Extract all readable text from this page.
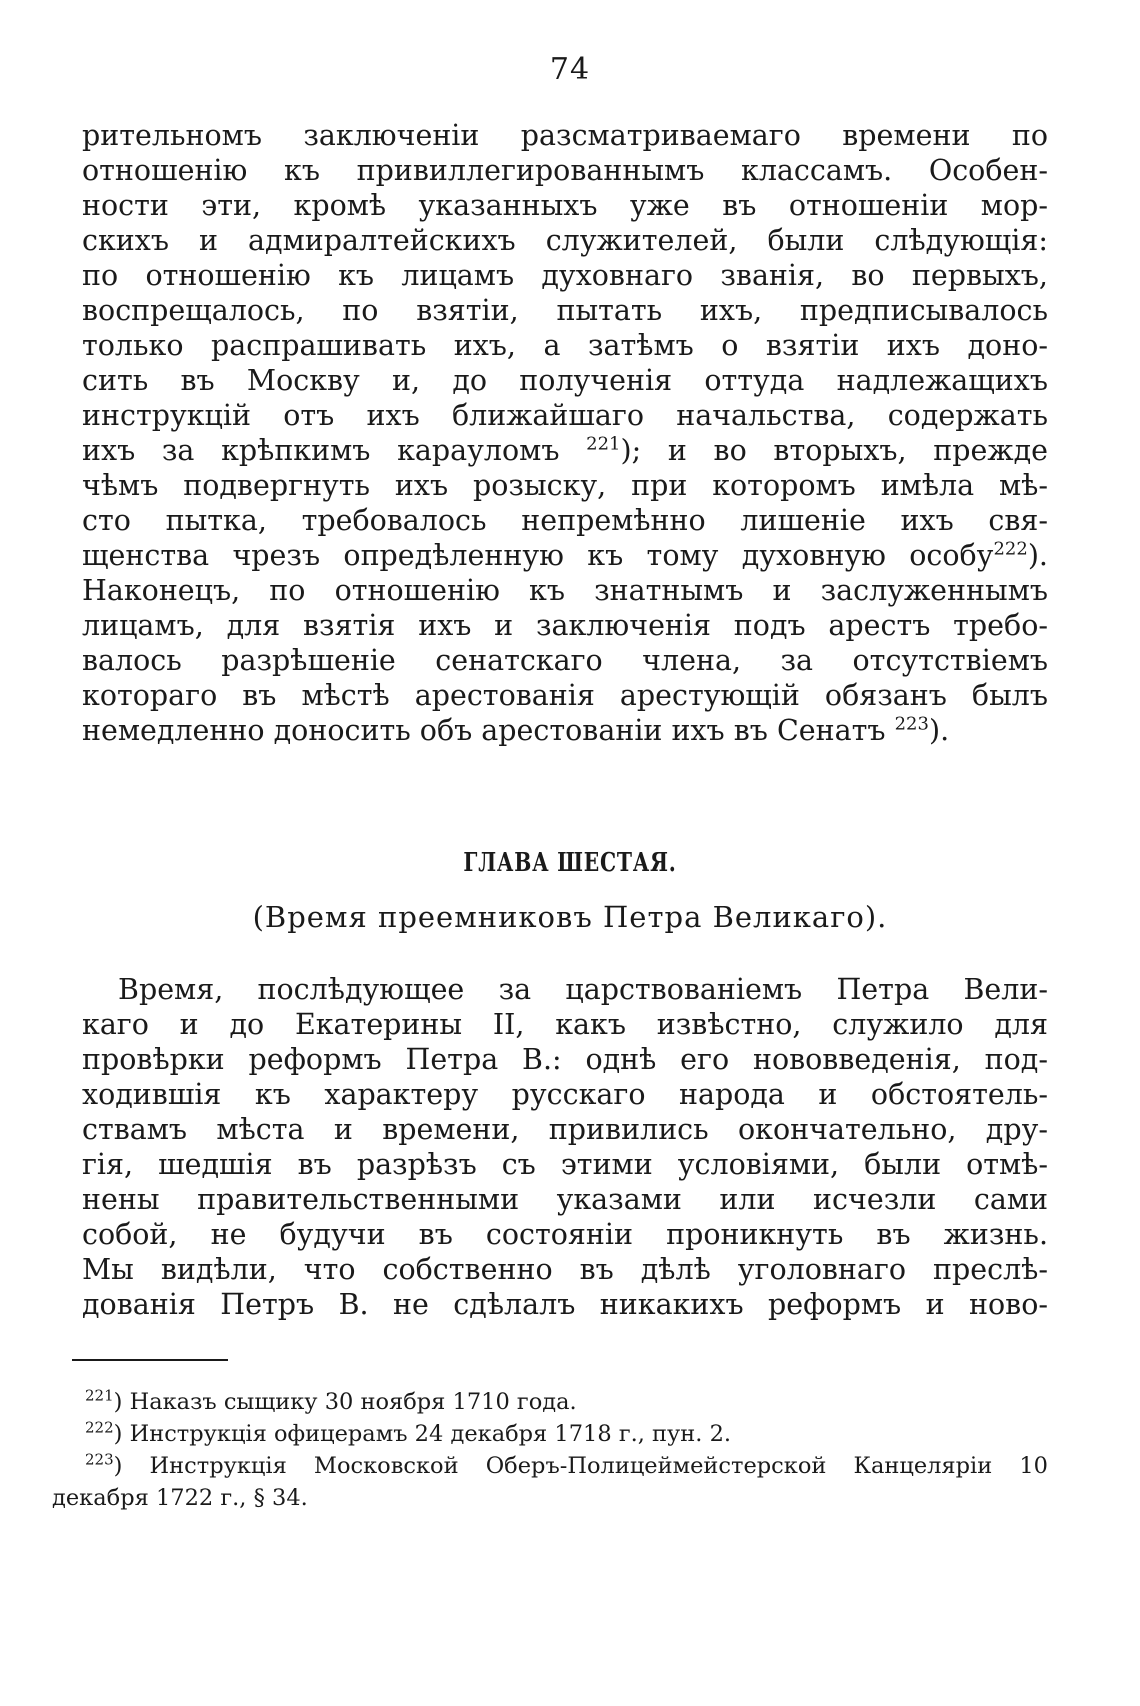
74
рительномъ заключеніи разсматриваемаго времени по
отношенію къ привиллегированнымъ классамъ. Особен-
ности эти, кромѣ указанныхъ уже въ отношеніи мор-
скихъ и адмиралтейскихъ служителей, были слѣдующія:
по отношенію къ лицамъ духовнаго званія, во первыхъ,
воспрещалось, по взятіи, пытать ихъ, предписывалось
только распрашивать ихъ, а затѣмъ о взятіи ихъ доно-
сить въ Москву и, до полученія оттуда надлежащихъ
инструкцій отъ ихъ ближайшаго начальства, содержать
ихъ за крѣпкимъ карауломъ $^{221}$); и во вторыхъ, прежде
чѣмъ подвергнуть ихъ розыску, при которомъ имѣла мѣ-
сто пытка, требовалось непремѣнно лишеніе ихъ свя-
щенства чрезъ опредѣленную къ тому духовную особу$^{222}$).
Наконецъ, по отношенію къ знатнымъ и заслуженнымъ
лицамъ, для взятія ихъ и заключенія подъ арестъ требо-
валось разрѣшеніе сенатскаго члена, за отсутствіемъ
котораго въ мѣстѣ арестованія арестующій обязанъ былъ
немедленно доносить объ арестованіи ихъ въ Сенатъ $^{223}$).
ГЛАВА ШЕСТАЯ.
(Время преемниковъ Петра Великаго).
Время, послѣдующее за царствованіемъ Петра Вели-
каго и до Екатерины II, какъ извѣстно, служило для
провѣрки реформъ Петра В.: однѣ его нововведенія, под-
ходившія къ характеру русскаго народа и обстоятель-
ствамъ мѣста и времени, привились окончательно, дру-
гія, шедшія въ разрѣзъ съ этими условіями, были отмѣ-
нены правительственными указами или исчезли сами
собой, не будучи въ состояніи проникнуть въ жизнь.
Мы видѣли, что собственно въ дѣлѣ уголовнаго преслѣ-
дованія Петръ В. не сдѣлалъ никакихъ реформъ и ново-
$^{221}$) Наказъ сыщику 30 ноября 1710 года.
$^{222}$) Инструкція офицерамъ 24 декабря 1718 г., пун. 2.
$^{223}$) Инструкція Московской Оберъ-Полицеймейстерской Канцеляріи 10
декабря 1722 г., § 34.
